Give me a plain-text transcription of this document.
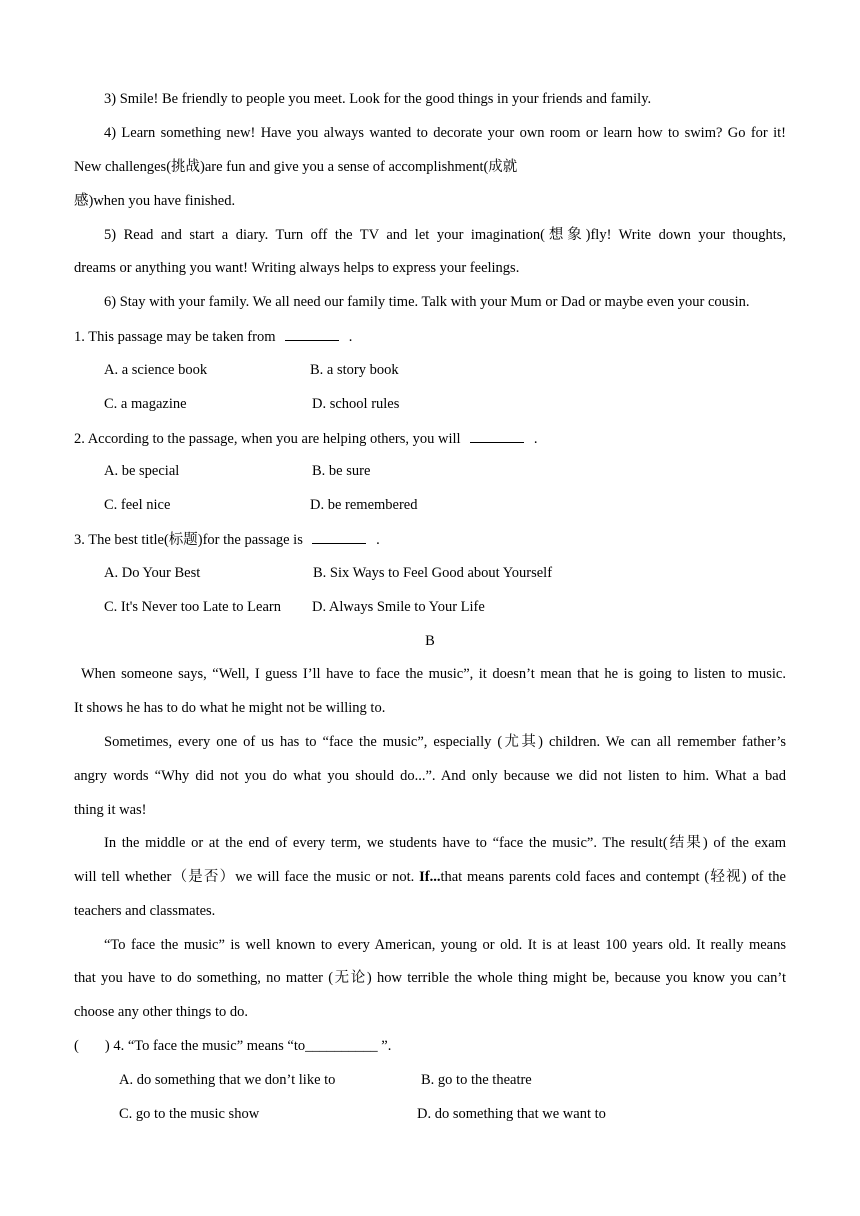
3) Smile! Be friendly to people you meet. Look for the good things in your friends and family.
4) Learn something new! Have you always wanted to decorate your own room or learn how to swim? Go for it!
New challenges(挑战)are fun and give you a sense of accomplishment(成就
感)when you have finished.
5) Read and start a diary. Turn off the TV and let your imagination(想象)fly! Write down your thoughts,
dreams or anything you want! Writing always helps to express your feelings.
6) Stay with your family. We all need our family time. Talk with your Mum or Dad or maybe even your cousin.
1. This passage may be taken from	.
A. a science book	B. a story book
C. a magazine	D. school rules
2. According to the passage, when you are helping others, you will	.
A. be special	B. be sure
C. feel nice	D. be remembered
3. The best title(标题)for the passage is	.
A. Do Your Best	B. Six Ways to Feel Good about Yourself
C. It's Never too Late to Learn D. Always Smile to Your Life
B
When someone says, “Well, I guess I’ll have to face the music”, it doesn’t mean that he is going to listen to music.
It shows he has to do what he might not be willing to.
Sometimes, every one of us has to “face the music”, especially (尤其) children. We can all remember father’s
angry words “Why did not you do what you should do...”. And only because we did not listen to him. What a bad
thing it was!
In the middle or at the end of every term, we students have to “face the music”. The result(结果) of the exam
will tell whether（是否）we will face the music or not. If...that means parents cold faces and contempt (轻视) of the
teachers and classmates.
“To face the music” is well known to every American, young or old. It is at least 100 years old. It really means
that you have to do something, no matter (无论) how terrible the whole thing might be, because you know you can’t
choose any other things to do.
( ) 4. “To face the music” means “to__________ ”.
A. do something that we don’t like to	B. go to the theatre
C. go to the music show	D. do something that we want to
